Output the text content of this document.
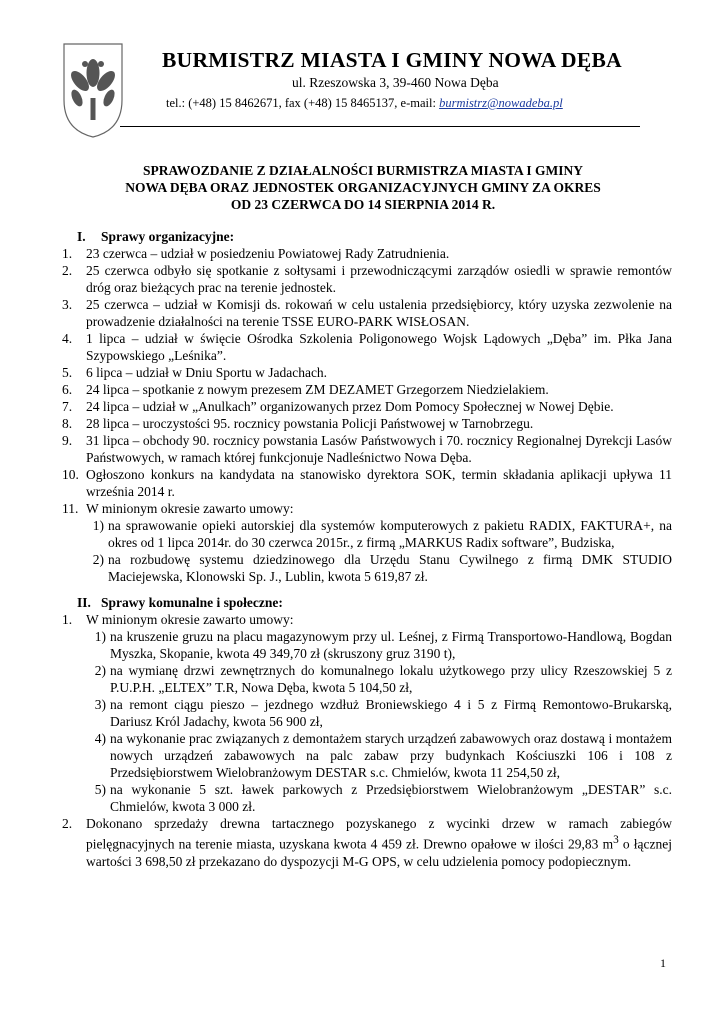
BURMISTRZ MIASTA I GMINY NOWA DĘBA
ul. Rzeszowska 3, 39-460 Nowa Dęba
tel.: (+48) 15 8462671, fax (+48) 15 8465137, e-mail: burmistrz@nowadeba.pl
SPRAWOZDANIE Z DZIAŁALNOŚCI BURMISTRZA MIASTA I GMINY
NOWA DĘBA ORAZ JEDNOSTEK ORGANIZACYJNYCH GMINY ZA OKRES
OD 23 CZERWCA DO 14 SIERPNIA 2014 R.
I. Sprawy organizacyjne:
1.	23 czerwca – udział w posiedzeniu Powiatowej Rady Zatrudnienia.
2.	25 czerwca odbyło się spotkanie z sołtysami i przewodniczącymi zarządów osiedli w sprawie remontów dróg oraz bieżących prac na terenie jednostek.
3.	25 czerwca – udział w Komisji ds. rokowań w celu ustalenia przedsiębiorcy, który uzyska zezwolenie na prowadzenie działalności na terenie TSSE EURO-PARK WISŁOSAN.
4.	1 lipca – udział w święcie Ośrodka Szkolenia Poligonowego Wojsk Lądowych „Dęba” im. Płka Jana Szypowskiego „Leśnika”.
5.	6 lipca – udział w Dniu Sportu w Jadachach.
6.	24 lipca – spotkanie z nowym prezesem ZM DEZAMET Grzegorzem Niedzielakiem.
7.	24 lipca – udział w „Anulkach” organizowanych przez Dom Pomocy Społecznej w Nowej Dębie.
8.	28 lipca – uroczystości 95. rocznicy powstania Policji Państwowej w Tarnobrzegu.
9.	31 lipca – obchody 90. rocznicy powstania Lasów Państwowych i 70. rocznicy Regionalnej Dyrekcji Lasów Państwowych, w ramach której funkcjonuje Nadleśnictwo Nowa Dęba.
10. Ogłoszono konkurs na kandydata na stanowisko dyrektora SOK, termin składania aplikacji upływa 11 września 2014 r.
11. W minionym okresie zawarto umowy:
1) na sprawowanie opieki autorskiej dla systemów komputerowych z pakietu RADIX, FAKTURA+, na okres od 1 lipca 2014r. do 30 czerwca 2015r., z firmą „MARKUS Radix software”, Budziska,
2) na rozbudowę systemu dziedzinowego dla Urzędu Stanu Cywilnego z firmą DMK STUDIO Maciejewska, Klonowski Sp. J., Lublin, kwota 5 619,87 zł.
II. Sprawy komunalne i społeczne:
1.	W minionym okresie zawarto umowy:
1) na kruszenie gruzu na placu magazynowym przy ul. Leśnej, z Firmą Transportowo-Handlową, Bogdan Myszka, Skopanie, kwota 49 349,70 zł (skruszony gruz 3190 t),
2) na wymianę drzwi zewnętrznych do komunalnego lokalu użytkowego przy ulicy Rzeszowskiej 5 z P.U.P.H. „ELTEX” T.R, Nowa Dęba, kwota 5 104,50 zł,
3) na remont ciągu pieszo – jezdnego wzdłuż Broniewskiego 4 i 5 z Firmą Remontowo-Brukarską, Dariusz Król Jadachy, kwota 56 900 zł,
4) na wykonanie prac związanych z demontażem starych urządzeń zabawowych oraz dostawą i montażem nowych urządzeń zabawowych na palc zabaw przy budynkach Kościuszki 106 i 108 z Przedsiębiorstwem Wielobranżowym DESTAR s.c. Chmielów, kwota 11 254,50 zł,
5) na wykonanie 5 szt. ławek parkowych z Przedsiębiorstwem Wielobranżowym „DESTAR” s.c. Chmielów, kwota 3 000 zł.
2.	Dokonano sprzedaży drewna tartacznego pozyskanego z wycinki drzew w ramach zabiegów pielęgnacyjnych na terenie miasta, uzyskana kwota 4 459 zł. Drewno opałowe w ilości 29,83 $m^3$ o łącznej wartości 3 698,50 zł przekazano do dyspozycji M-G OPS, w celu udzielenia pomocy podopiecznym.
1
